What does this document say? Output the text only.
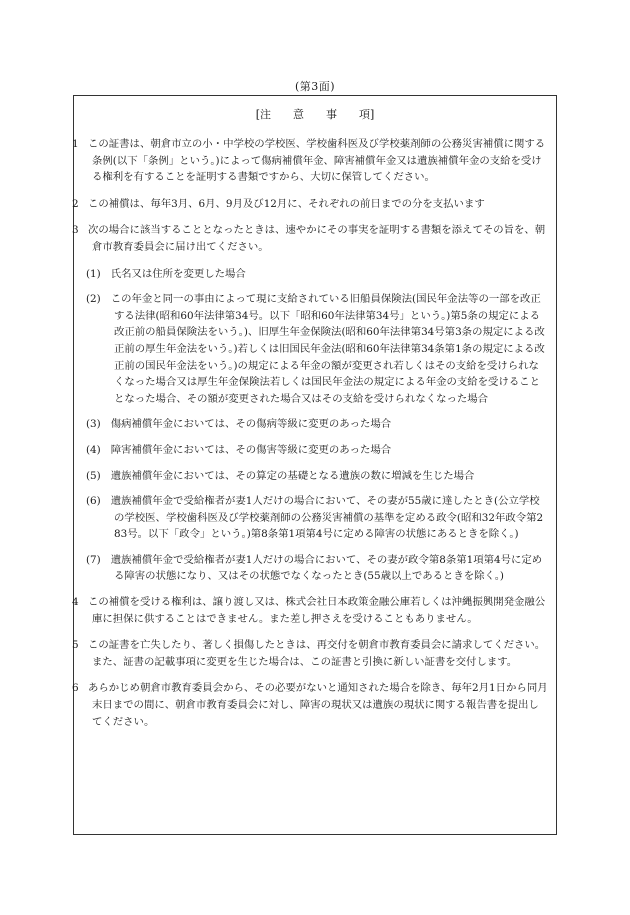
(第3面)
[注　　意　　事　　項]
1 この証書は、朝倉市立の小・中学校の学校医、学校歯科医及び学校薬剤師の公務災害補償に関する条例(以下「条例」という。)によって傷病補償年金、障害補償年金又は遺族補償年金の支給を受ける権利を有することを証明する書類ですから、大切に保管してください。
2 この補償は、毎年3月、6月、9月及び12月に、それぞれの前日までの分を支払います
3 次の場合に該当することとなったときは、速やかにその事実を証明する書類を添えてその旨を、朝倉市教育委員会に届け出てください。
(1) 氏名又は住所を変更した場合
(2) この年金と同一の事由によって現に支給されている旧船員保険法(国民年金法等の一部を改正する法律(昭和60年法律第34号。以下「昭和60年法律第34号」という。)第5条の規定による改正前の船員保険法をいう。)、旧厚生年金保険法(昭和60年法律第34号第3条の規定による改正前の厚生年金法をいう。)若しくは旧国民年金法(昭和60年法律第34条第1条の規定による改正前の国民年金法をいう。)の規定による年金の額が変更され若しくはその支給を受けられなくなった場合又は厚生年金保険法若しくは国民年金法の規定による年金の支給を受けることとなった場合、その額が変更された場合又はその支給を受けられなくなった場合
(3) 傷病補償年金においては、その傷病等級に変更のあった場合
(4) 障害補償年金においては、その傷害等級に変更のあった場合
(5) 遺族補償年金においては、その算定の基礎となる遺族の数に増減を生じた場合
(6) 遺族補償年金で受給権者が妻1人だけの場合において、その妻が55歳に達したとき(公立学校の学校医、学校歯科医及び学校薬剤師の公務災害補償の基準を定める政令(昭和32年政令第283号。以下「政令」という。)第8条第1項第4号に定める障害の状態にあるときを除く。)
(7) 遺族補償年金で受給権者が妻1人だけの場合において、その妻が政令第8条第1項第4号に定める障害の状態になり、又はその状態でなくなったとき(55歳以上であるときを除く。)
4 この補償を受ける権利は、譲り渡し又は、株式会社日本政策金融公庫若しくは沖縄振興開発金融公庫に担保に供することはできません。また差し押さえを受けることもありません。
5 この証書を亡失したり、著しく損傷したときは、再交付を朝倉市教育委員会に請求してください。また、証書の記載事項に変更を生じた場合は、この証書と引換に新しい証書を交付します。
6 あらかじめ朝倉市教育委員会から、その必要がないと通知された場合を除き、毎年2月1日から同月末日までの間に、朝倉市教育委員会に対し、障害の現状又は遺族の現状に関する報告書を提出してください。
